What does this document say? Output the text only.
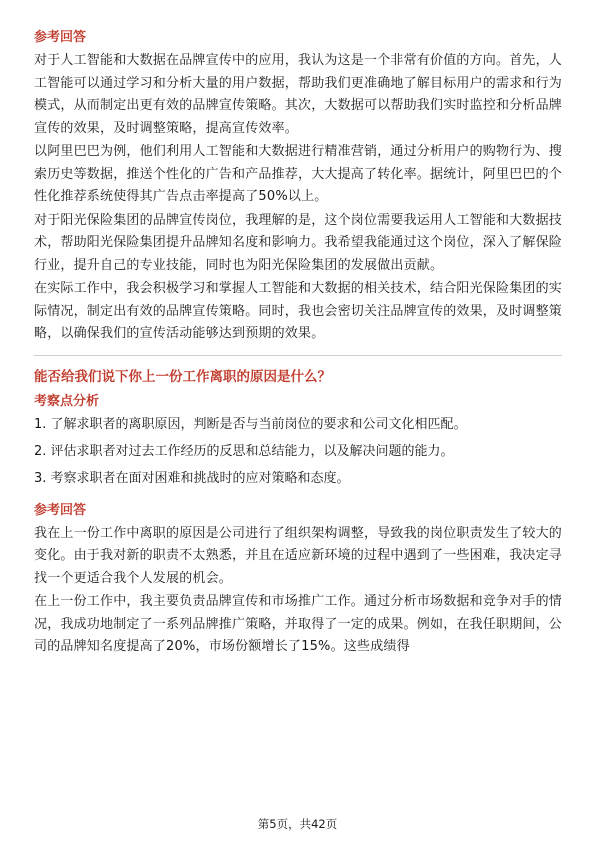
参考回答

对于人工智能和大数据在品牌宣传中的应用，我认为这是一个非常有价值的方向。首先，人工智能可以通过学习和分析大量的用户数据，帮助我们更准确地了解目标用户的需求和行为模式，从而制定出更有效的品牌宣传策略。其次，大数据可以帮助我们实时监控和分析品牌宣传的效果，及时调整策略，提高宣传效率。

以阿里巴巴为例，他们利用人工智能和大数据进行精准营销，通过分析用户的购物行为、搜索历史等数据，推送个性化的广告和产品推荐，大大提高了转化率。据统计，阿里巴巴的个性化推荐系统使得其广告点击率提高了50%以上。

对于阳光保险集团的品牌宣传岗位，我理解的是，这个岗位需要我运用人工智能和大数据技术，帮助阳光保险集团提升品牌知名度和影响力。我希望我能通过这个岗位，深入了解保险行业，提升自己的专业技能，同时也为阳光保险集团的发展做出贡献。

在实际工作中，我会积极学习和掌握人工智能和大数据的相关技术，结合阳光保险集团的实际情况，制定出有效的品牌宣传策略。同时，我也会密切关注品牌宣传的效果，及时调整策略，以确保我们的宣传活动能够达到预期的效果。

能否给我们说下你上一份工作离职的原因是什么？
考察点分析
1. 了解求职者的离职原因，判断是否与当前岗位的要求和公司文化相匹配。
2. 评估求职者对过去工作经历的反思和总结能力，以及解决问题的能力。
3. 考察求职者在面对困难和挑战时的应对策略和态度。
参考回答

我在上一份工作中离职的原因是公司进行了组织架构调整，导致我的岗位职责发生了较大的变化。由于我对新的职责不太熟悉，并且在适应新环境的过程中遇到了一些困难，我决定寻找一个更适合我个人发展的机会。

在上一份工作中，我主要负责品牌宣传和市场推广工作。通过分析市场数据和竞争对手的情况，我成功地制定了一系列品牌推广策略，并取得了一定的成果。例如，在我任职期间，公司的品牌知名度提高了20%，市场份额增长了15%。这些成绩得

第5页，共42页
